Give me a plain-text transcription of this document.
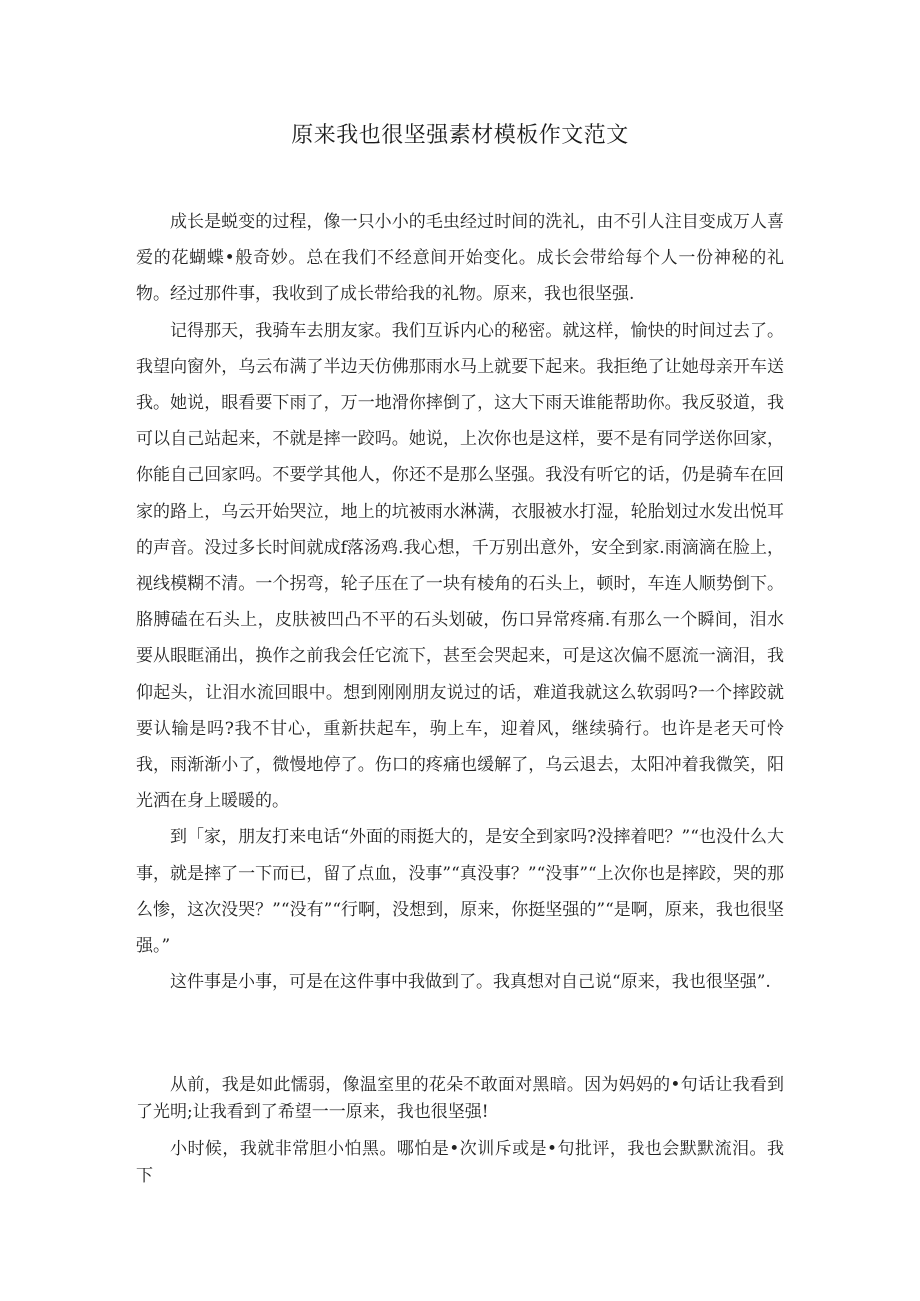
原来我也很坚强素材模板作文范文

成长是蜕变的过程，像一只小小的毛虫经过时间的洗礼，由不引人注目变成万人喜爱的花蝴蝶•般奇妙。总在我们不经意间开始变化。成长会带给每个人一份神秘的礼物。经过那件事，我收到了成长带给我的礼物。原来，我也很坚强.

记得那天，我骑车去朋友家。我们互诉内心的秘密。就这样，愉快的时间过去了。我望向窗外，乌云布满了半边天仿佛那雨水马上就要下起来。我拒绝了让她母亲开车送我。她说，眼看要下雨了，万一地滑你摔倒了，这大下雨天谁能帮助你。我反驳道，我可以自己站起来，不就是摔一跤吗。她说，上次你也是这样，要不是有同学送你回家，你能自己回家吗。不要学其他人，你还不是那么坚强。我没有听它的话，仍是骑车在回家的路上，乌云开始哭泣，地上的坑被雨水淋满，衣服被水打湿，轮胎划过水发出悦耳的声音。没过多长时间就成f落汤鸡.我心想，千万别出意外，安全到家.雨滴滴在脸上，视线模糊不清。一个拐弯，轮子压在了一块有棱角的石头上，顿时，车连人顺势倒下。胳膊磕在石头上，皮肤被凹凸不平的石头划破，伤口异常疼痛.有那么一个瞬间，泪水要从眼眶涌出，换作之前我会任它流下，甚至会哭起来，可是这次偏不愿流一滴泪，我仰起头，让泪水流回眼中。想到刚刚朋友说过的话，难道我就这么软弱吗?一个摔跤就要认输是吗?我不甘心，重新扶起车，驹上车，迎着风，继续骑行。也许是老天可怜我，雨渐渐小了，微慢地停了。伤口的疼痛也缓解了，乌云退去，太阳冲着我微笑，阳光洒在身上暖暖的。

到「家，朋友打来电话“外面的雨挺大的，是安全到家吗?没摔着吧？”“也没什么大事，就是摔了一下而已，留了点血，没事”“真没事？”“没事”“上次你也是摔跤，哭的那么惨，这次没哭？”“没有”“行啊，没想到，原来，你挺坚强的”“是啊，原来，我也很坚强。”

这件事是小事，可是在这件事中我做到了。我真想对自己说“原来，我也很坚强”.

从前，我是如此懦弱，像温室里的花朵不敢面对黑暗。因为妈妈的•句话让我看到了光明;让我看到了希望一一原来，我也很坚强!

小时候，我就非常胆小怕黑。哪怕是•次训斥或是•句批评，我也会默默流泪。我下
